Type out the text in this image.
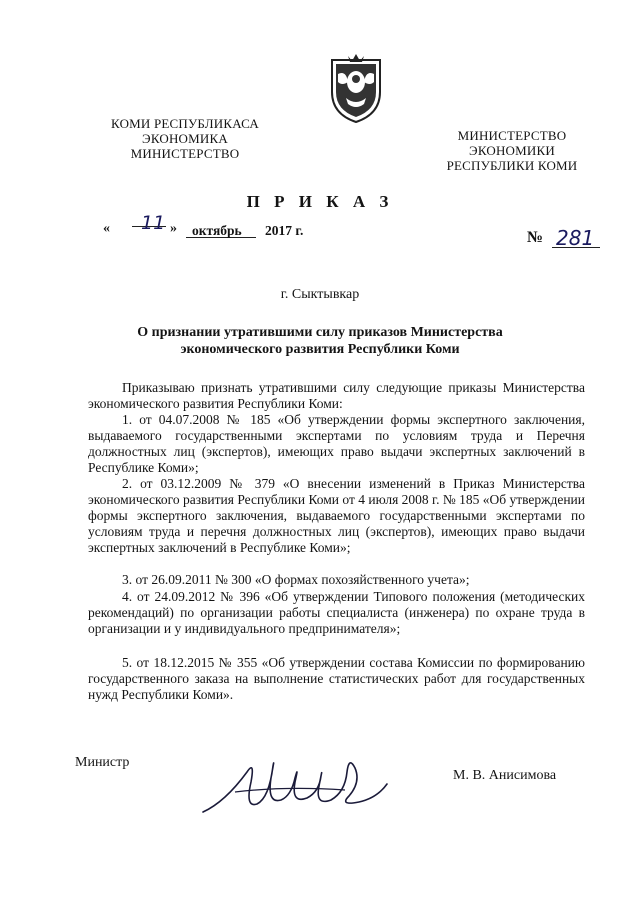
КОМИ РЕСПУБЛИКАСА
ЭКОНОМИКА
МИНИСТЕРСТВО
МИНИСТЕРСТВО
ЭКОНОМИКИ
РЕСПУБЛИКИ КОМИ
П Р И К А З
« 11 » октябрь 2017 г.	№ 281
г. Сыктывкар
О признании утратившими силу приказов Министерства
экономического развития Республики Коми
Приказываю признать утратившими силу следующие приказы Министерства экономического развития Республики Коми:
1. от 04.07.2008 № 185 «Об утверждении формы экспертного заключения, выдаваемого государственными экспертами по условиям труда и Перечня должностных лиц (экспертов), имеющих право выдачи экспертных заключений в Республике Коми»;
2. от 03.12.2009 № 379 «О внесении изменений в Приказ Министерства экономического развития Республики Коми от 4 июля 2008 г. № 185 «Об утверждении формы экспертного заключения, выдаваемого государственными экспертами по условиям труда и перечня должностных лиц (экспертов), имеющих право выдачи экспертных заключений в Республике Коми»;
3. от 26.09.2011 № 300 «О формах похозяйственного учета»;
4. от 24.09.2012 № 396 «Об утверждении Типового положения (методических рекомендаций) по организации работы специалиста (инженера) по охране труда в организации и у индивидуального предпринимателя»;
5. от 18.12.2015 № 355 «Об утверждении состава Комиссии по формированию государственного заказа на выполнение статистических работ для государственных нужд Республики Коми».
Министр
М. В. Анисимова
